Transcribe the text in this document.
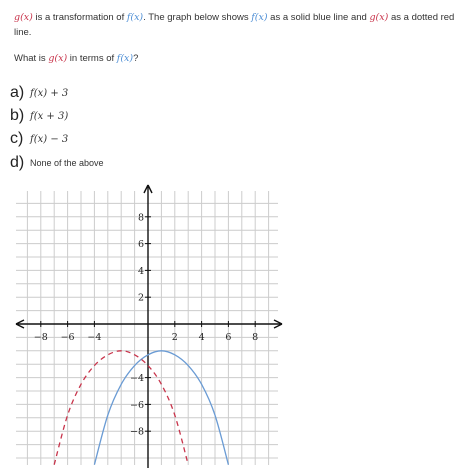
g(x) is a transformation of f(x). The graph below shows f(x) as a solid blue line and g(x) as a dotted red line.
What is g(x) in terms of f(x)?
a) f(x) + 3
b) f(x + 3)
c) f(x) − 3
d) None of the above
−8 −6 −4	2 4 6 8
8
6
4
2
−4
−6
−8
